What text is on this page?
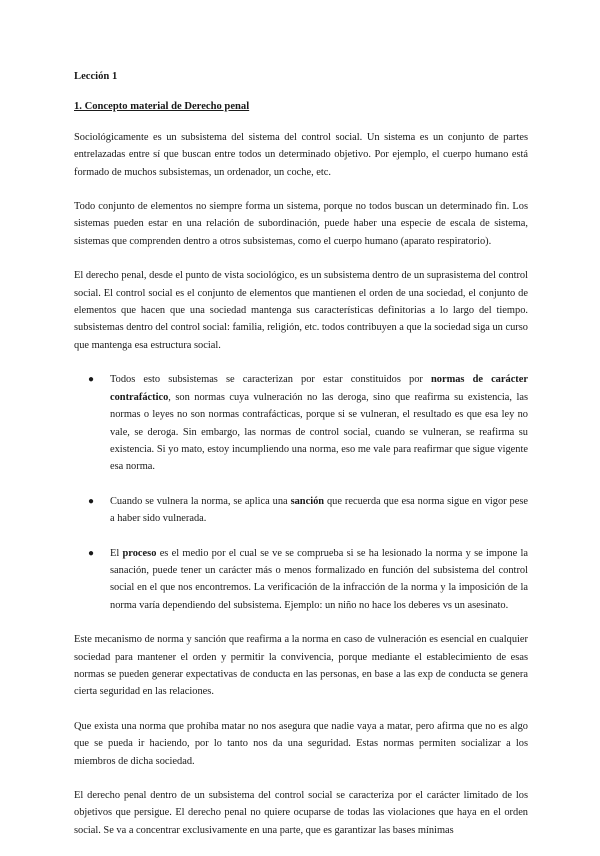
Lección 1

1. Concepto material de Derecho penal

Sociológicamente es un subsistema del sistema del control social. Un sistema es un conjunto de partes entrelazadas entre sí que buscan entre todos un determinado objetivo. Por ejemplo, el cuerpo humano está formado de muchos subsistemas, un ordenador, un coche, etc.

Todo conjunto de elementos no siempre forma un sistema, porque no todos buscan un determinado fin. Los sistemas pueden estar en una relación de subordinación, puede haber una especie de escala de sistema, sistemas que comprenden dentro a otros subsistemas, como el cuerpo humano (aparato respiratorio).

El derecho penal, desde el punto de vista sociológico, es un subsistema dentro de un suprasistema del control social. El control social es el conjunto de elementos que mantienen el orden de una sociedad, el conjunto de elementos que hacen que una sociedad mantenga sus características definitorias a lo largo del tiempo. subsistemas dentro del control social: familia, religión, etc. todos contribuyen a que la sociedad siga un curso que mantenga esa estructura social.

● Todos esto subsistemas se caracterizan por estar constituidos por normas de carácter contrafáctico, son normas cuya vulneración no las deroga, sino que reafirma su existencia, las normas o leyes no son normas contrafácticas, porque si se vulneran, el resultado es que esa ley no vale, se deroga. Sin embargo, las normas de control social, cuando se vulneran, se reafirma su existencia. Si yo mato, estoy incumpliendo una norma, eso me vale para reafirmar que sigue vigente esa norma.
● Cuando se vulnera la norma, se aplica una sanción que recuerda que esa norma sigue en vigor pese a haber sido vulnerada.
● El proceso es el medio por el cual se ve se comprueba si se ha lesionado la norma y se impone la sanación, puede tener un carácter más o menos formalizado en función del subsistema del control social en el que nos encontremos. La verificación de la infracción de la norma y la imposición de la norma varía dependiendo del subsistema. Ejemplo: un niño no hace los deberes vs un asesinato.

Este mecanismo de norma y sanción que reafirma a la norma en caso de vulneración es esencial en cualquier sociedad para mantener el orden y permitir la convivencia, porque mediante el establecimiento de esas normas se pueden generar expectativas de conducta en las personas, en base a las exp de conducta se genera cierta seguridad en las relaciones.

Que exista una norma que prohíba matar no nos asegura que nadie vaya a matar, pero afirma que no es algo que se pueda ir haciendo, por lo tanto nos da una seguridad. Estas normas permiten socializar a los miembros de dicha sociedad.

El derecho penal dentro de un subsistema del control social se caracteriza por el carácter limitado de los objetivos que persigue. El derecho penal no quiere ocuparse de todas las violaciones que haya en el orden social. Se va a concentrar exclusivamente en una parte, que es garantizar las bases mínimas
